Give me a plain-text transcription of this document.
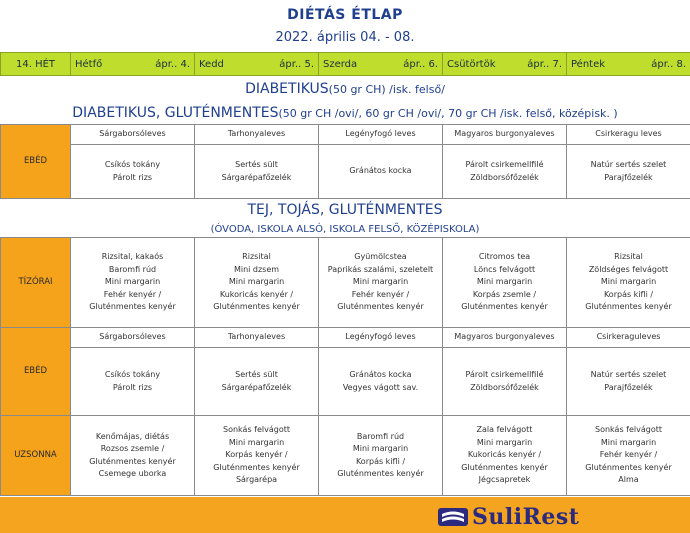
DIÉTÁS ÉTLAP
2022. április 04. - 08.
14. HÉT	Hétfő	ápr.. 4.	Kedd	ápr.. 5.	Szerda	ápr.. 6.	Csütörtök	ápr.. 7.	Péntek	ápr.. 8.
DIABETIKUS (50 gr CH) /isk. felső/
DIABETIKUS, GLUTÉNMENTES (50 gr CH /ovi/, 60 gr CH /ovi/, 70 gr CH /isk. felső, középisk. )
EBÉD	Sárgaborsóleves	Tarhonyaleves	Legényfogó leves	Magyaros burgonyaleves	Csirkeragu leves

	Csíkós tokány
Párolt rizs	Sertés sült
Sárgarépafőzelék	Gránátos kocka	Párolt csirkemellfilé
Zöldborsófőzelék	Natúr sertés szelet
Parajfőzelék
TEJ, TOJÁS, GLUTÉNMENTES
(ÓVODA, ISKOLA ALSÓ, ISKOLA FELSŐ, KÖZÉPISKOLA)
TÍZÓRAI	Rizsital, kakaós
Baromfi rúd
Mini margarin
Fehér kenyér /
Gluténmentes kenyér	Rizsital
Mini dzsem
Mini margarin
Kukoricás kenyér /
Gluténmentes kenyér	Gyümölcstea
Paprikás szalámi, szeletelt
Mini margarin
Fehér kenyér /
Gluténmentes kenyér	Citromos tea
Löncs felvágott
Mini margarin
Korpás zsemle /
Gluténmentes kenyér	Rizsital
Zöldséges felvágott
Mini margarin
Korpás kifli /
Gluténmentes kenyér

EBÉD	Sárgaborsóleves	Tarhonyaleves	Legényfogó leves	Magyaros burgonyaleves	Csirkeraguleves

	Csíkós tokány
Párolt rizs	Sertés sült
Sárgarépafőzelék	Gránátos kocka
Vegyes vágott sav.	Párolt csirkemellfilé
Zöldborsófőzelék	Natúr sertés szelet
Parajfőzelék

UZSONNA	Kenőmájas, diétás
Rozsos zsemle /
Gluténmentes kenyér
Csemege uborka	Sonkás felvágott
Mini margarin
Korpás kenyér /
Gluténmentes kenyér
Sárgarépa	Baromfi rúd
Mini margarin
Korpás kifli /
Gluténmentes kenyér	Zala felvágott
Mini margarin
Kukoricás kenyér /
Gluténmentes kenyér
Jégcsapretek	Sonkás felvágott
Mini margarin
Fehér kenyér /
Gluténmentes kenyér
Alma
SuliRest
